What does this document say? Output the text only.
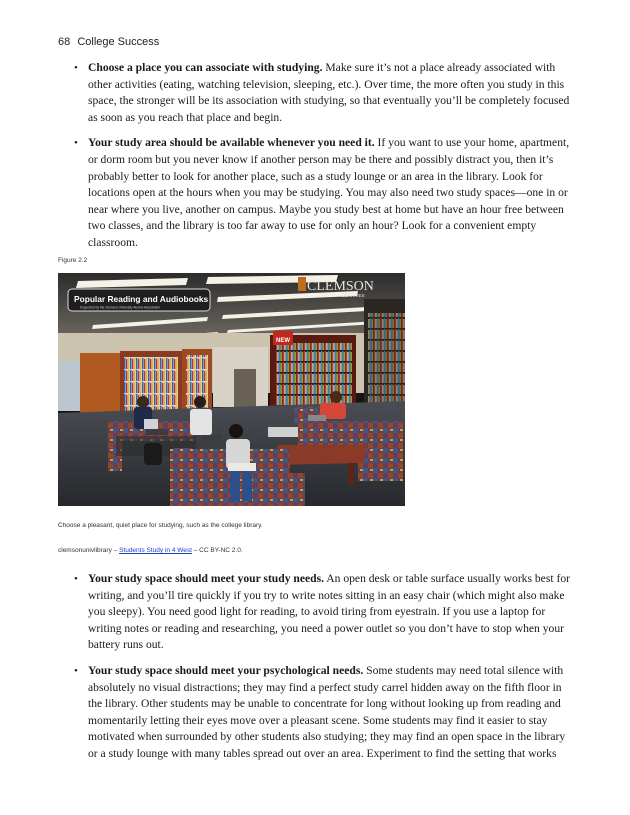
68 College Success
• Choose a place you can associate with studying. Make sure it’s not a place already associated with other activities (eating, watching television, sleeping, etc.). Over time, the more often you study in this space, the stronger will be its association with studying, so that eventually you’ll be completely focused as soon as you reach that place and begin.
• Your study area should be available whenever you need it. If you want to use your home, apartment, or dorm room but you never know if another person may be there and possibly distract you, then it’s probably better to look for another place, such as a study lounge or an area in the library. Look for locations open at the hours when you may be studying. You may also need two study spaces—one in or near where you live, another on campus. Maybe you study best at home but have an hour free between two classes, and the library is too far away to use for only an hour? Look for a convenient empty classroom.
Figure 2.2
NEW
Popular Reading and Audiobooks
Supported by the Clemson University Alumni Association
CLEMSON
LIBRARIES
Choose a pleasant, quiet place for studying, such as the college library.
clemsonunivlibrary – Students Study in 4 West – CC BY-NC 2.0.
• Your study space should meet your study needs. An open desk or table surface usually works best for writing, and you’ll tire quickly if you try to write notes sitting in an easy chair (which might also make you sleepy). You need good light for reading, to avoid tiring from eyestrain. If you use a laptop for writing notes or reading and researching, you need a power outlet so you don’t have to stop when your battery runs out.
• Your study space should meet your psychological needs. Some students may need total silence with absolutely no visual distractions; they may find a perfect study carrel hidden away on the fifth floor in the library. Other students may be unable to concentrate for long without looking up from reading and momentarily letting their eyes move over a pleasant scene. Some students may find it easier to stay motivated when surrounded by other students also studying; they may find an open space in the library or a study lounge with many tables spread out over an area. Experiment to find the setting that works
